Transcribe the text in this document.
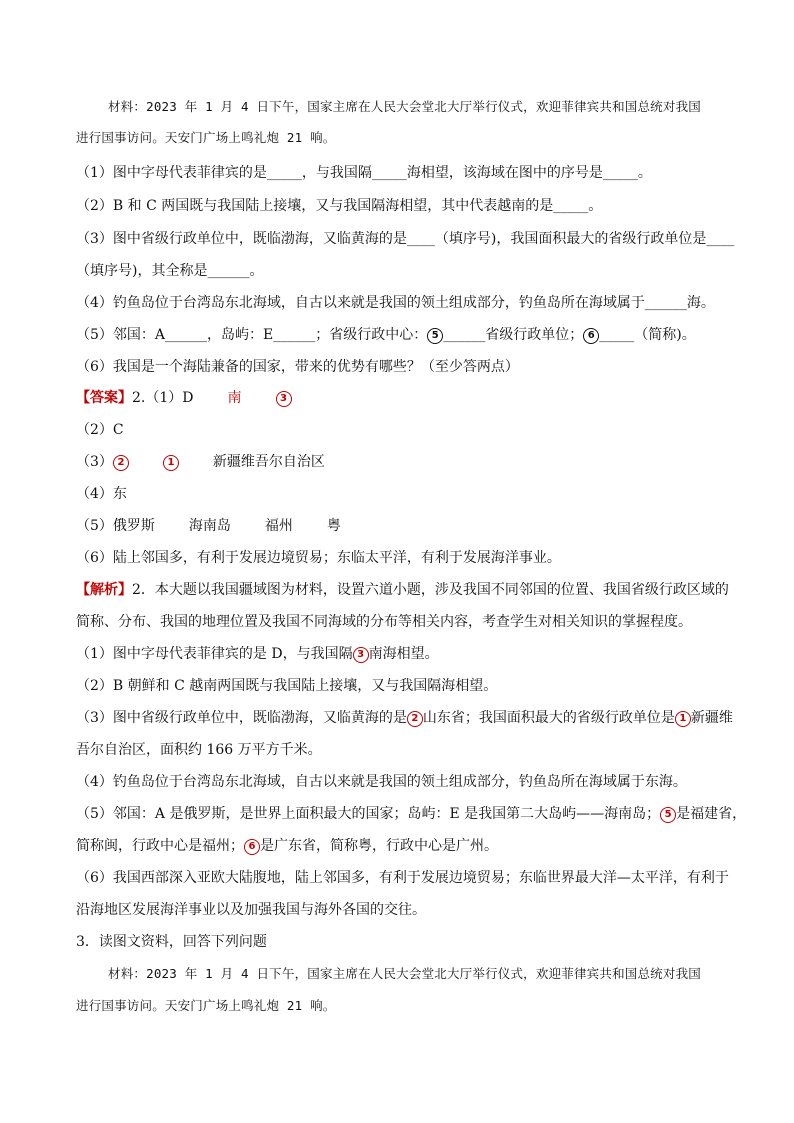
材料：2023 年 1 月 4 日下午，国家主席在人民大会堂北大厅举行仪式，欢迎菲律宾共和国总统对我国
进行国事访问。天安门广场上鸣礼炮 21 响。
（1）图中字母代表菲律宾的是_____，与我国隔_____海相望，该海域在图中的序号是_____。
（2）B 和 C 两国既与我国陆上接壤，又与我国隔海相望，其中代表越南的是_____。
（3）图中省级行政单位中，既临渤海，又临黄海的是____（填序号)，我国面积最大的省级行政单位是____
（填序号)，其全称是______。
（4）钓鱼岛位于台湾岛东北海域，自古以来就是我国的领土组成部分，钓鱼岛所在海域属于______海。
（5）邻国：A______，岛屿：E______；省级行政中心： 5 ______省级行政单位； 6 _____（简称)。
（6）我国是一个海陆兼备的国家，带来的优势有哪些？（至少答两点）
【答案】2.（1）D 南	3
（2）C
（3） 2	1	新疆维吾尔自治区
（4）东
（5）俄罗斯 海南岛 福州 粤
（6）陆上邻国多，有利于发展边境贸易；东临太平洋，有利于发展海洋事业。
【解析】2．本大题以我国疆域图为材料，设置六道小题，涉及我国不同邻国的位置、我国省级行政区域的
简称、分布、我国的地理位置及我国不同海域的分布等相关内容，考查学生对相关知识的掌握程度。
（1）图中字母代表菲律宾的是 D，与我国隔 3 南海相望。
（2）B 朝鲜和 C 越南两国既与我国陆上接壤，又与我国隔海相望。
（3）图中省级行政单位中，既临渤海，又临黄海的是 2 山东省；我国面积最大的省级行政单位是 1 新疆维
吾尔自治区，面积约 166 万平方千米。
（4）钓鱼岛位于台湾岛东北海域，自古以来就是我国的领土组成部分，钓鱼岛所在海域属于东海。
（5）邻国：A 是俄罗斯，是世界上面积最大的国家；岛屿：E 是我国第二大岛屿——海南岛； 5 是福建省，
简称闽，行政中心是福州； 6 是广东省，简称粤，行政中心是广州。
（6）我国西部深入亚欧大陆腹地，陆上邻国多，有利于发展边境贸易；东临世界最大洋—太平洋，有利于
沿海地区发展海洋事业以及加强我国与海外各国的交往。
3．读图文资料，回答下列问题
材料：2023 年 1 月 4 日下午，国家主席在人民大会堂北大厅举行仪式，欢迎菲律宾共和国总统对我国
进行国事访问。天安门广场上鸣礼炮 21 响。
